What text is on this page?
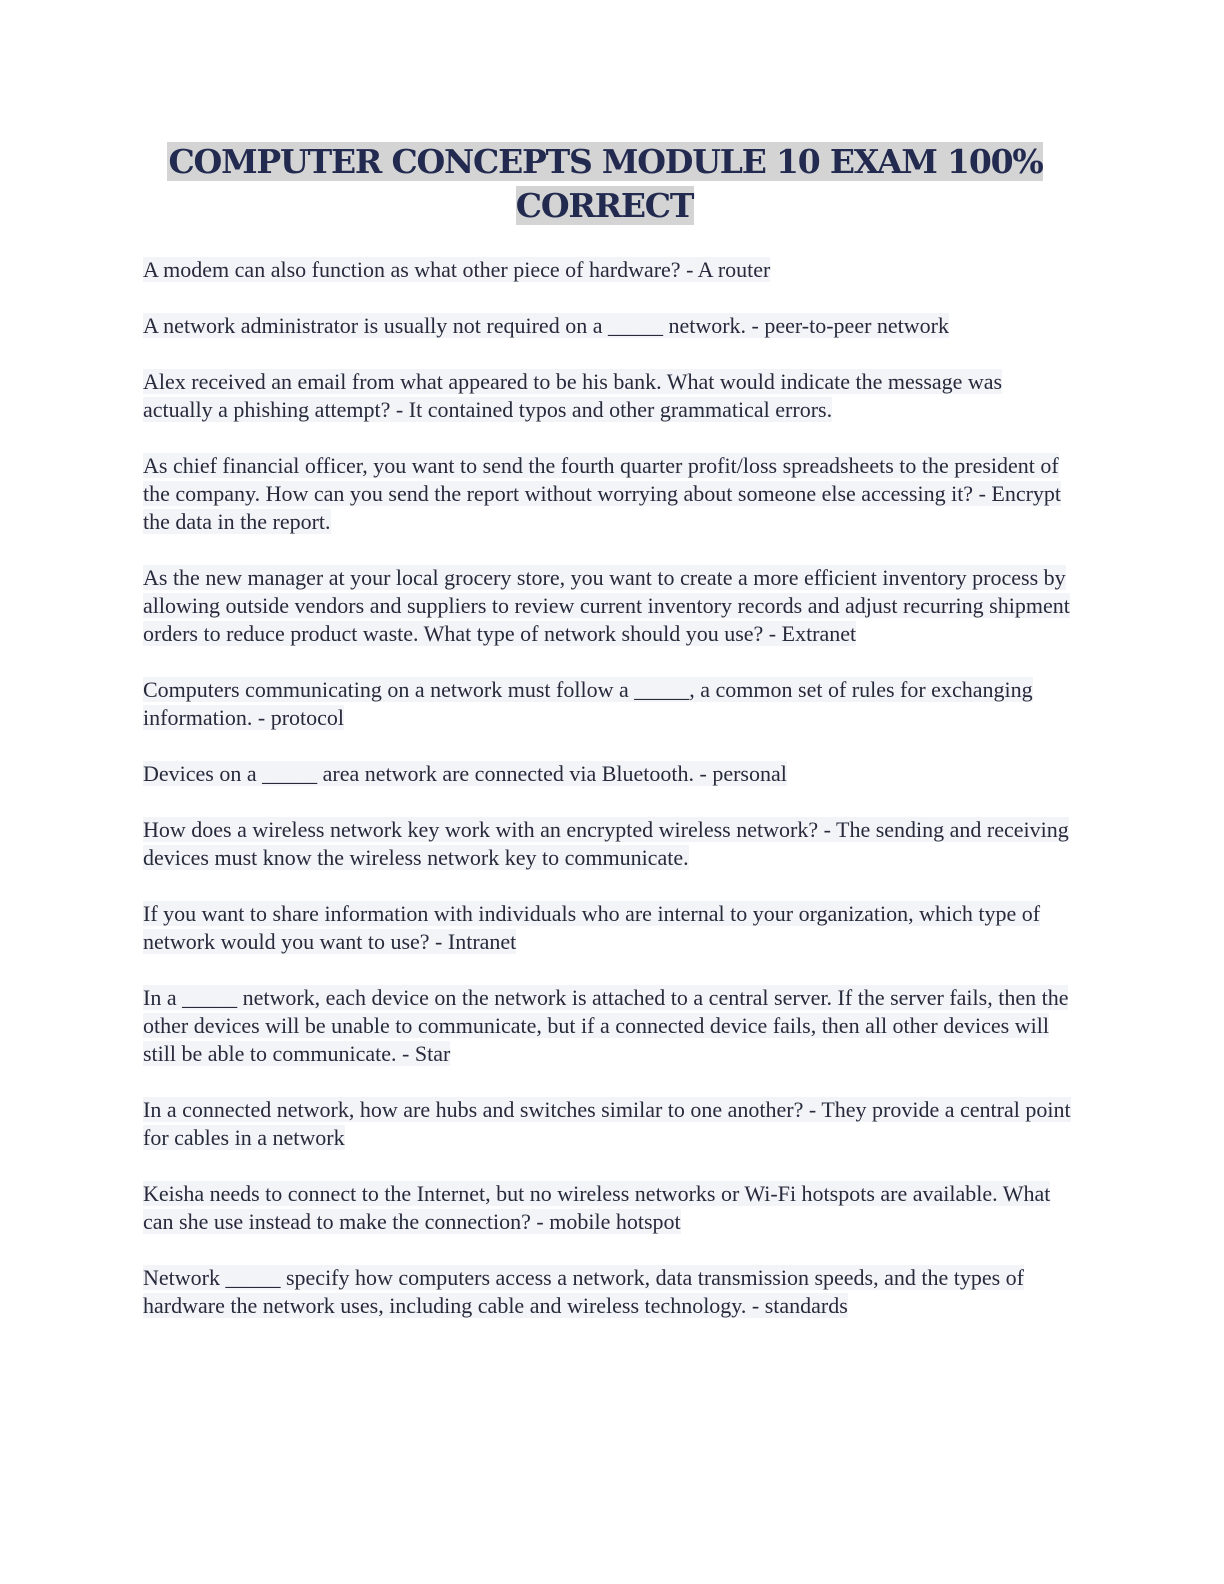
COMPUTER CONCEPTS MODULE 10 EXAM 100% CORRECT

A modem can also function as what other piece of hardware? - A router

A network administrator is usually not required on a _____ network. - peer-to-peer network

Alex received an email from what appeared to be his bank. What would indicate the message was actually a phishing attempt? - It contained typos and other grammatical errors.

As chief financial officer, you want to send the fourth quarter profit/loss spreadsheets to the president of the company. How can you send the report without worrying about someone else accessing it? - Encrypt the data in the report.

As the new manager at your local grocery store, you want to create a more efficient inventory process by allowing outside vendors and suppliers to review current inventory records and adjust recurring shipment orders to reduce product waste. What type of network should you use? - Extranet

Computers communicating on a network must follow a _____, a common set of rules for exchanging information. - protocol

Devices on a _____ area network are connected via Bluetooth. - personal

How does a wireless network key work with an encrypted wireless network? - The sending and receiving devices must know the wireless network key to communicate.

If you want to share information with individuals who are internal to your organization, which type of network would you want to use? - Intranet

In a _____ network, each device on the network is attached to a central server. If the server fails, then the other devices will be unable to communicate, but if a connected device fails, then all other devices will still be able to communicate. - Star

In a connected network, how are hubs and switches similar to one another? - They provide a central point for cables in a network

Keisha needs to connect to the Internet, but no wireless networks or Wi-Fi hotspots are available. What can she use instead to make the connection? - mobile hotspot

Network _____ specify how computers access a network, data transmission speeds, and the types of hardware the network uses, including cable and wireless technology. - standards
